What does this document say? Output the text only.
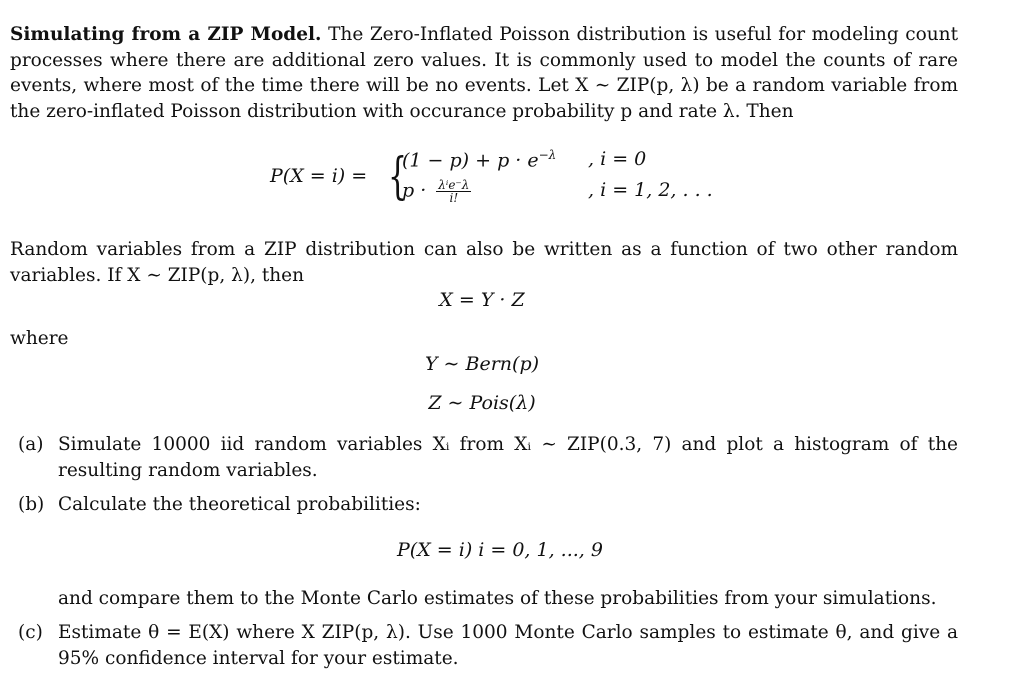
Simulating from a ZIP Model. The Zero-Inflated Poisson distribution is useful for modeling count processes where there are additional zero values. It is commonly used to model the counts of rare events, where most of the time there will be no events. Let X ∼ ZIP(p, λ) be a random variable from the zero-inflated Poisson distribution with occurance probability p and rate λ. Then
P(X = i) = {
$(1 - p) + p \cdot e^{-\lambda}$
$p \cdot \frac{\text{λⁱe⁻λ}}{i!}$
, i = 0
, i = 1, 2, . . .
Random variables from a ZIP distribution can also be written as a function of two other random variables. If X ∼ ZIP(p, λ), then
X = Y · Z
where
Y ∼ Bern(p)
Z ∼ Pois(λ)
(a) Simulate 10000 iid random variables Xᵢ from Xᵢ ∼ ZIP(0.3, 7) and plot a histogram of the resulting random variables.
(b) Calculate the theoretical probabilities:
P(X = i) i = 0, 1, ..., 9
and compare them to the Monte Carlo estimates of these probabilities from your simulations.
(c) Estimate θ = E(X) where X ZIP(p, λ). Use 1000 Monte Carlo samples to estimate θ, and give a 95% confidence interval for your estimate.
